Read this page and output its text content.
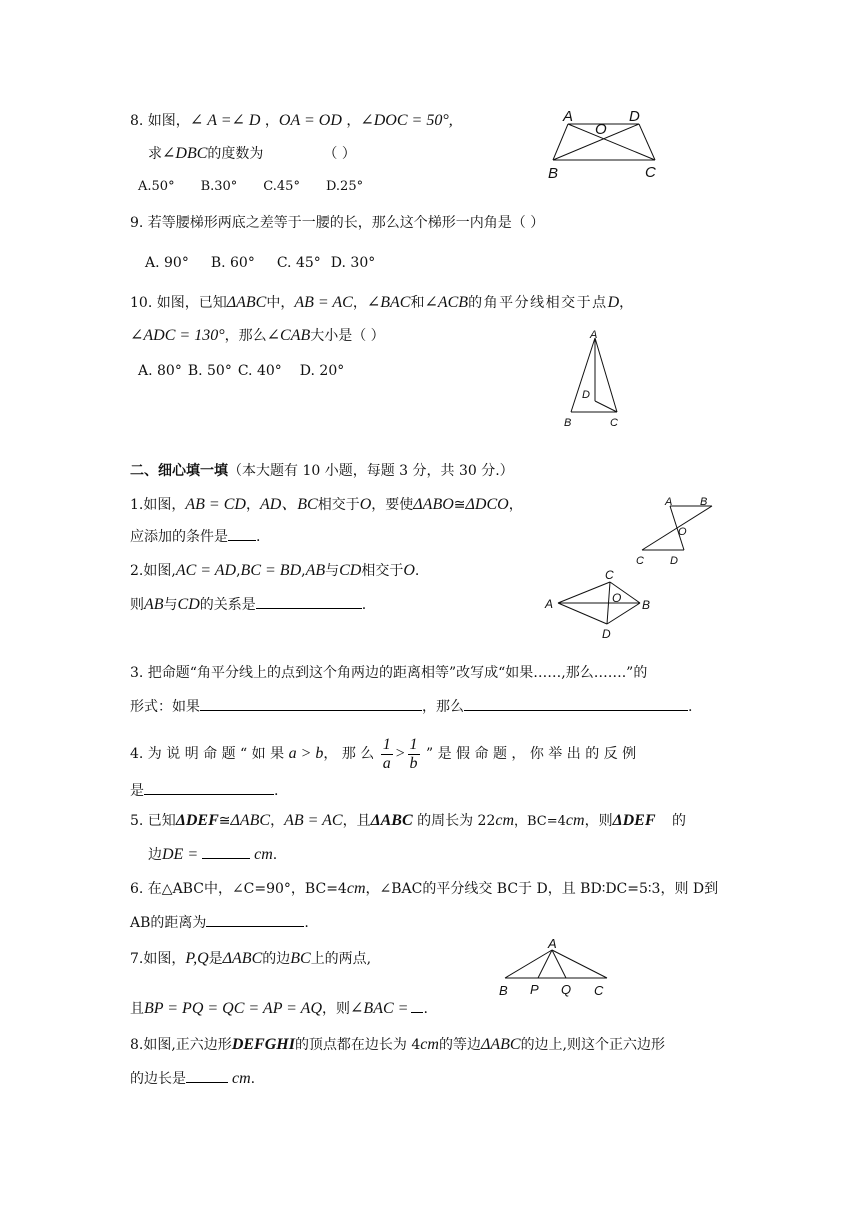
8. 如图，∠ A =∠ D ，OA = OD ，∠DOC = 50°,
求∠DBC的度数为	（ ）
A.50° B.30° C.45° D.25°
A
O
D
B	C
9. 若等腰梯形两底之差等于一腰的长，那么这个梯形一内角是（ ）
A. 90° B. 60° C. 45° D. 30°
10. 如图，已知ΔABC中，AB = AC，∠BAC和∠ACB的角平分线相交于点D，
∠ADC = 130°，那么∠CAB大小是（ ）
A. 80° B. 50° C. 40° D. 20°
A
D
B	C
二、细心填一填（本大题有 10 小题，每题 3 分，共 30 分.）
1.如图，AB = CD，AD、BC相交于O，要使ΔABO≅ΔDCO，
应添加的条件是 .
A	B
O
C D
2.如图,AC = AD,BC = BD,AB与CD相交于O.
则AB与CD的关系是	.	A	B
C
D
O
3. 把命题“角平分线上的点到这个角两边的距离相等”改写成“如果……,那么…….”的
形式：如果	，那么	.
4. 为 说 明 命 题 “ 如 果 a > b， 那 么 $\frac{1}{a} > \frac{1}{b}$ ” 是 假 命 题 ， 你 举 出 的 反 例
是	.
5. 已知ΔDEF≅ΔABC，AB = AC，且ΔABC 的周长为 22cm，BC=4cm，则ΔDEF 的
边DE =	cm.
6. 在△ABC中，∠C=90°，BC=4cm，∠BAC的平分线交 BC于 D，且 BD∶DC=5∶3，则 D到
AB的距离为	.
7.如图，P,Q是ΔABC的边BC上的两点,
且BP = PQ = QC = AP = AQ，则∠BAC = .
A
B P Q C
8.如图,正六边形DEFGHI的顶点都在边长为 4cm的等边ΔABC的边上,则这个正六边形
的边长是	cm.
